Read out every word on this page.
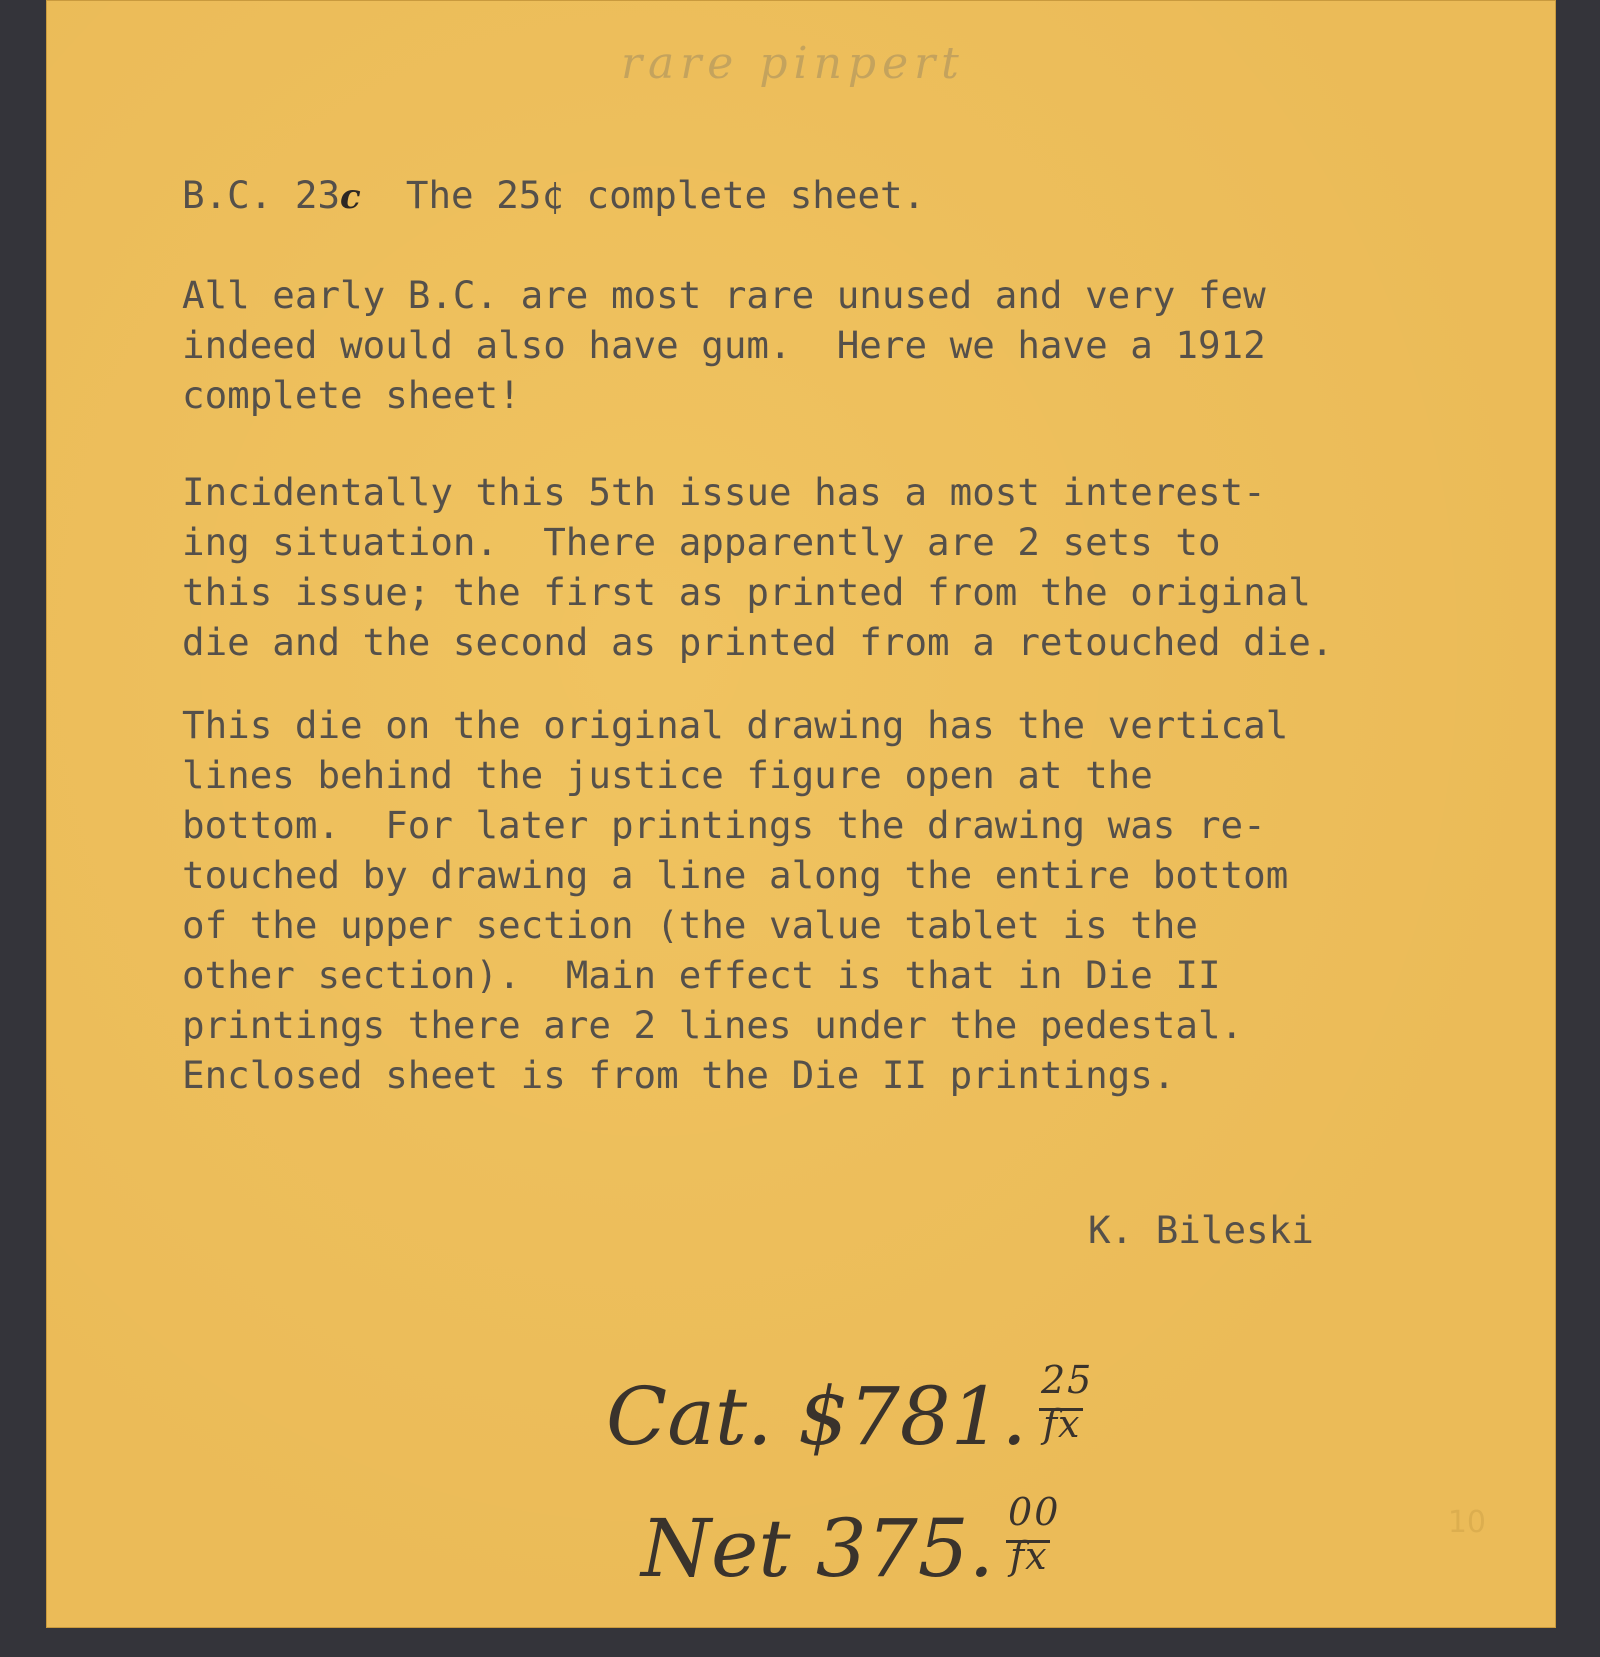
rare pinpert
B.C. 23c  The 25¢ complete sheet.

All early B.C. are most rare unused and very few
indeed would also have gum.  Here we have a 1912
complete sheet!

Incidentally this 5th issue has a most interest-
ing situation.  There apparently are 2 sets to
this issue; the first as printed from the original
die and the second as printed from a retouched die.

This die on the original drawing has the vertical
lines behind the justice figure open at the
bottom.  For later printings the drawing was re-
touched by drawing a line along the entire bottom
of the upper section (the value tablet is the
other section).  Main effect is that in Die II
printings there are 2 lines under the pedestal.
Enclosed sheet is from the Die II printings.

K. Bileski
Cat. $781. $\frac{25}{fx}$
Net 375. $\frac{00}{fx}$	10
